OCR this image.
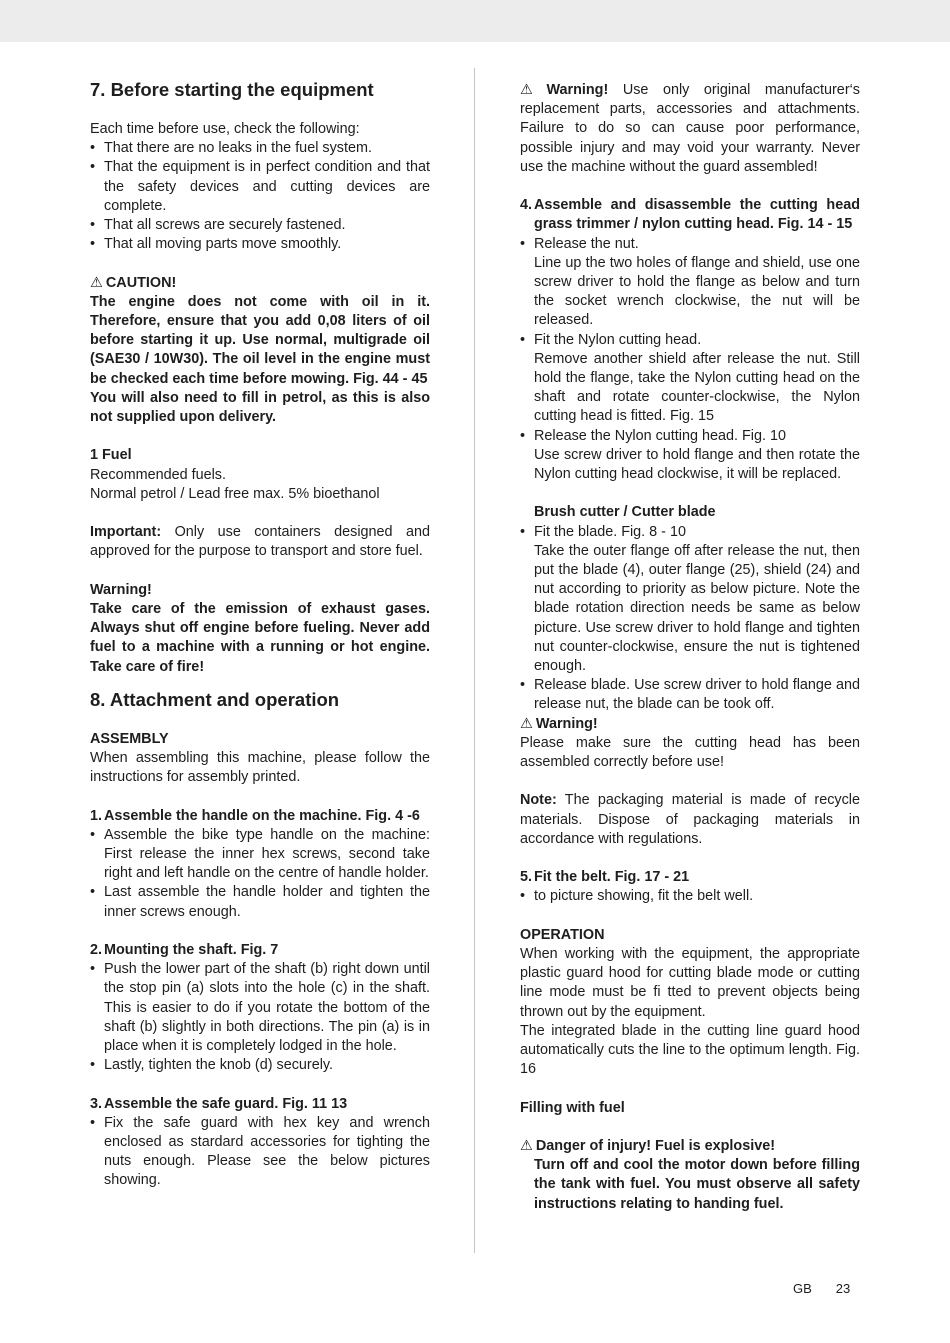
7. Before starting the equipment

Each time before use, check the following:

• That there are no leaks in the fuel system.
• That the equipment is in perfect condition and that the safety devices and cutting devices are complete.
• That all screws are securely fastened.
• That all moving parts move smoothly.

⚠ CAUTION!

The engine does not come with oil in it. Therefore, ensure that you add 0,08 liters of oil before starting it up. Use normal, multigrade oil (SAE30 / 10W30). The oil level in the engine must be checked each time before mowing. Fig. 44 - 45

You will also need to fill in petrol, as this is also not supplied upon delivery.

1 Fuel

Recommended fuels.

Normal petrol / Lead free max. 5% bioethanol

Important: Only use containers designed and approved for the purpose to transport and store fuel.

Warning!

Take care of the emission of exhaust gases. Always shut off engine before fueling. Never add fuel to a machine with a running or hot engine. Take care of fire!

8. Attachment and operation

ASSEMBLY

When assembling this machine, please follow the instructions for assembly printed.

1. Assemble the handle on the machine. Fig. 4 -6

• Assemble the bike type handle on the machine: First release the inner hex screws, second take right and left handle on the centre of handle holder.
• Last assemble the handle holder and tighten the inner screws enough.

2. Mounting the shaft. Fig. 7

• Push the lower part of the shaft (b) right down until the stop pin (a) slots into the hole (c) in the shaft. This is easier to do if you rotate the bottom of the shaft (b) slightly in both directions. The pin (a) is in place when it is completely lodged in the hole.
• Lastly, tighten the knob (d) securely.

3. Assemble the safe guard. Fig. 11 13

• Fix the safe guard with hex key and wrench enclosed as stardard accessories for tighting the nuts enough. Please see the below pictures showing.

⚠ Warning! Use only original manufacturer‘s replacement parts, accessories and attachments. Failure to do so can cause poor performance, possible injury and may void your warranty. Never use the machine without the guard assembled!

4. Assemble and disassemble the cutting head grass trimmer / nylon cutting head. Fig. 14 - 15

• Release the nut.
Line up the two holes of flange and shield, use one screw driver to hold the flange as below and turn the socket wrench clockwise, the nut will be released.
• Fit the Nylon cutting head.
Remove another shield after release the nut. Still hold the flange, take the Nylon cutting head on the shaft and rotate counter-clockwise, the Nylon cutting head is fitted. Fig. 15
• Release the Nylon cutting head. Fig. 10
Use screw driver to hold flange and then rotate the Nylon cutting head clockwise, it will be replaced.

Brush cutter / Cutter blade

• Fit the blade. Fig. 8 - 10
Take the outer flange off after release the nut, then put the blade (4), outer flange (25), shield (24) and nut according to priority as below picture. Note the blade rotation direction needs be same as below picture. Use screw driver to hold flange and tighten nut counter-clockwise, ensure the nut is tightened enough.
• Release blade. Use screw driver to hold flange and release nut, the blade can be took off.

⚠ Warning!

Please make sure the cutting head has been assembled correctly before use!

Note: The packaging material is made of recycle materials. Dispose of packaging materials in accordance with regulations.

5. Fit the belt. Fig. 17 - 21

• to picture showing, fit the belt well.

OPERATION

When working with the equipment, the appropriate plastic guard hood for cutting blade mode or cutting line mode must be fi tted to prevent objects being thrown out by the equipment.

The integrated blade in the cutting line guard hood automatically cuts the line to the optimum length. Fig. 16

Filling with fuel

⚠ Danger of injury! Fuel is explosive!

Turn off and cool the motor down before filling the tank with fuel. You must observe all safety instructions relating to handing fuel.

GB 23
